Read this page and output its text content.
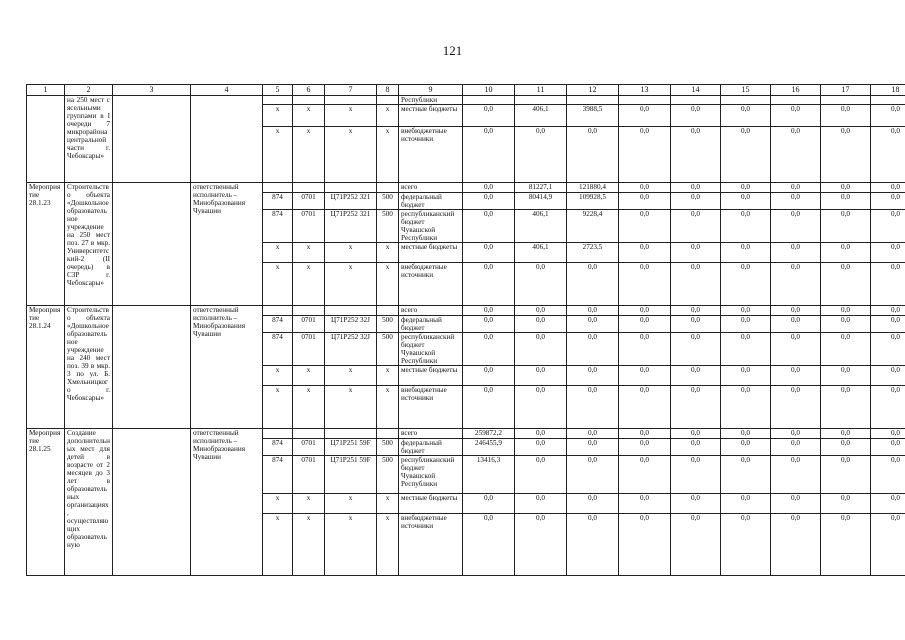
121
1	2	3	4	5	6	7	8	9	10	11	12	13	14	15	16	17	18
	на 250 мест с ясельными группами в I очереди 7 микрорайона центральной части г. Чебоксары»							Республики									
				x	x	x	x	местные бюджеты	0,0	406,1	3988,5	0,0	0,0	0,0	0,0	0,0	0,0
				x	x	x	x	внебюджетные источники	0,0	0,0	0,0	0,0	0,0	0,0	0,0	0,0	0,0
Мероприятие 28.1.23	Строительство объекта «Дошкольное образовательное учреждение на 250 мест поз. 27 в мкр. Университетский-2 (II очередь) в СЗР г. Чебоксары»		ответственный исполнитель – Минобразования Чувашии					всего	0,0	81227,1	121880,4	0,0	0,0	0,0	0,0	0,0	0,0
				874	0701	Ц71Р252 321	500	федеральный бюджет	0,0	80414,9	109928,5	0,0	0,0	0,0	0,0	0,0	0,0
				874	0701	Ц71Р252 321	500	республиканский бюджет Чувашской Республики	0,0	406,1	9228,4	0,0	0,0	0,0	0,0	0,0	0,0
				x	x	x	x	местные бюджеты	0,0	406,1	2723,5	0,0	0,0	0,0	0,0	0,0	0,0
				x	x	x	x	внебюджетные источники	0,0	0,0	0,0	0,0	0,0	0,0	0,0	0,0	0,0
Мероприятие 28.1.24	Строительство объекта «Дошкольное образовательное учреждение на 240 мест поз. 39 в мкр. 3 по ул. Б. Хмельницкого г. Чебоксары»		ответственный исполнитель – Минобразования Чувашии					всего	0,0	0,0	0,0	0,0	0,0	0,0	0,0	0,0	0,0
				874	0701	Ц71Р252 32J	500	федеральный бюджет	0,0	0,0	0,0	0,0	0,0	0,0	0,0	0,0	0,0
				874	0701	Ц71Р252 32J	500	республиканский бюджет Чувашской Республики	0,0	0,0	0,0	0,0	0,0	0,0	0,0	0,0	0,0
				x	x	x	x	местные бюджеты	0,0	0,0	0,0	0,0	0,0	0,0	0,0	0,0	0,0
				x	x	x	x	внебюджетные источники	0,0	0,0	0,0	0,0	0,0	0,0	0,0	0,0	0,0
Мероприятие 28.1.25	Создание дополнительных мест для детей в возрасте от 2 месяцев до 3 лет в образовательных организациях, осуществляющих образовательную		ответственный исполнитель – Минобразования Чувашии					всего	259872,2	0,0	0,0	0,0	0,0	0,0	0,0	0,0	0,0
				874	0701	Ц71Р251 59F	500	федеральный бюджет	246455,9	0,0	0,0	0,0	0,0	0,0	0,0	0,0	0,0
				874	0701	Ц71Р251 59F	500	республиканский бюджет Чувашской Республики	13416,3	0,0	0,0	0,0	0,0	0,0	0,0	0,0	0,0
				x	x	x	x	местные бюджеты	0,0	0,0	0,0	0,0	0,0	0,0	0,0	0,0	0,0
				x	x	x	x	внебюджетные источники	0,0	0,0	0,0	0,0	0,0	0,0	0,0	0,0	0,0
